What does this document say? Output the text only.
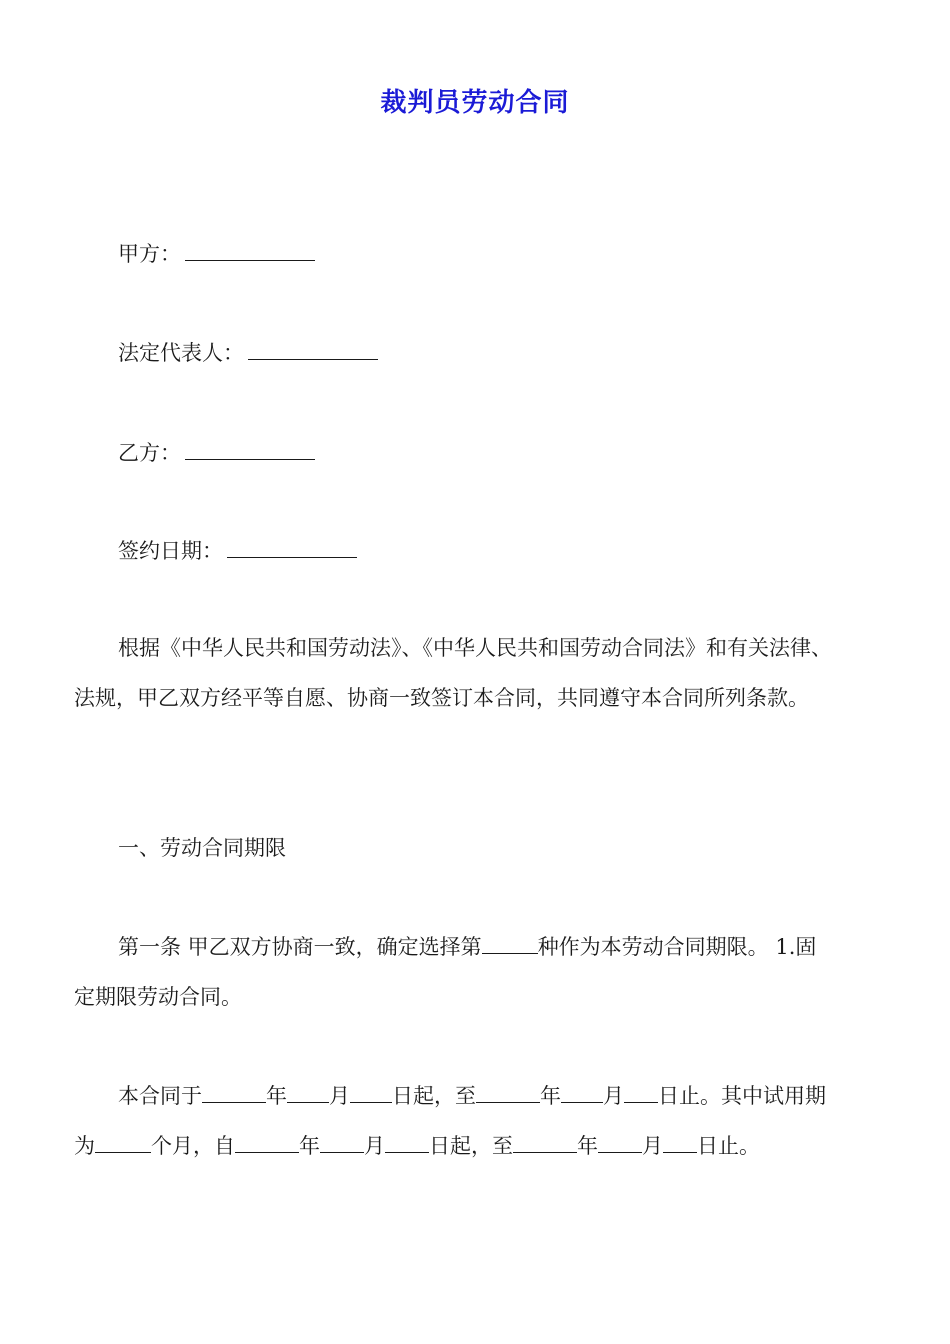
裁判员劳动合同
甲方：
法定代表人：
乙方：
签约日期：
根据《中华人民共和国劳动法》、《中华人民共和国劳动合同法》和有关法律、
法规，甲乙双方经平等自愿、协商一致签订本合同，共同遵守本合同所列条款。
一、劳动合同期限
第一条 甲乙双方协商一致，确定选择第	种作为本劳动合同期限。 1.固
定期限劳动合同。
本合同于	年 月 日起，至	年 月 日止。其中试用期
为	个月，自	年 月 日起，至	年 月 日止。
